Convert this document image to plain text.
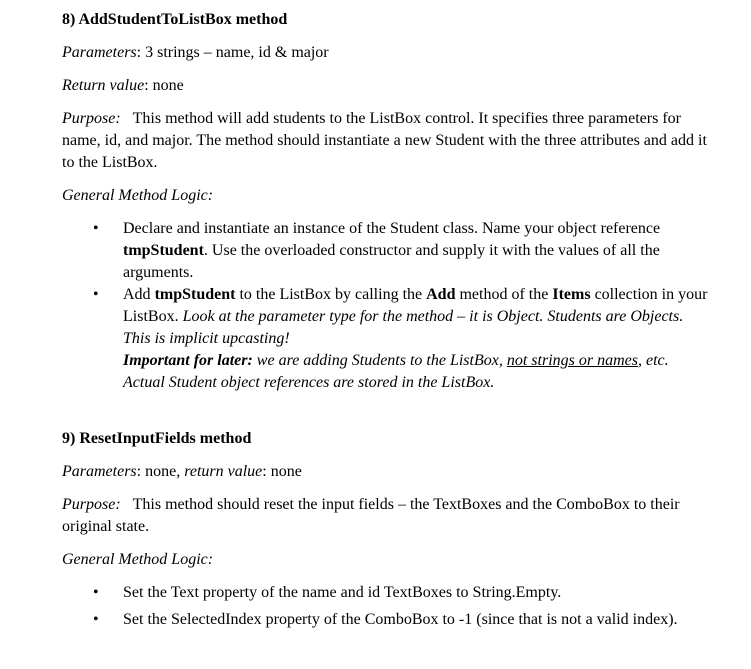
8) AddStudentToListBox method

Parameters: 3 strings – name, id & major

Return value: none

Purpose: This method will add students to the ListBox control. It specifies three parameters for name, id, and major. The method should instantiate a new Student with the three attributes and add it to the ListBox.

General Method Logic:

• Declare and instantiate an instance of the Student class. Name your object reference tmpStudent. Use the overloaded constructor and supply it with the values of all the arguments.
• Add tmpStudent to the ListBox by calling the Add method of the Items collection in your ListBox. Look at the parameter type for the method – it is Object. Students are Objects. This is implicit upcasting!
Important for later: we are adding Students to the ListBox, not strings or names, etc. Actual Student object references are stored in the ListBox.
9) ResetInputFields method

Parameters: none, return value: none

Purpose: This method should reset the input fields – the TextBoxes and the ComboBox to their original state.

General Method Logic:

• Set the Text property of the name and id TextBoxes to String.Empty.
• Set the SelectedIndex property of the ComboBox to -1 (since that is not a valid index).
